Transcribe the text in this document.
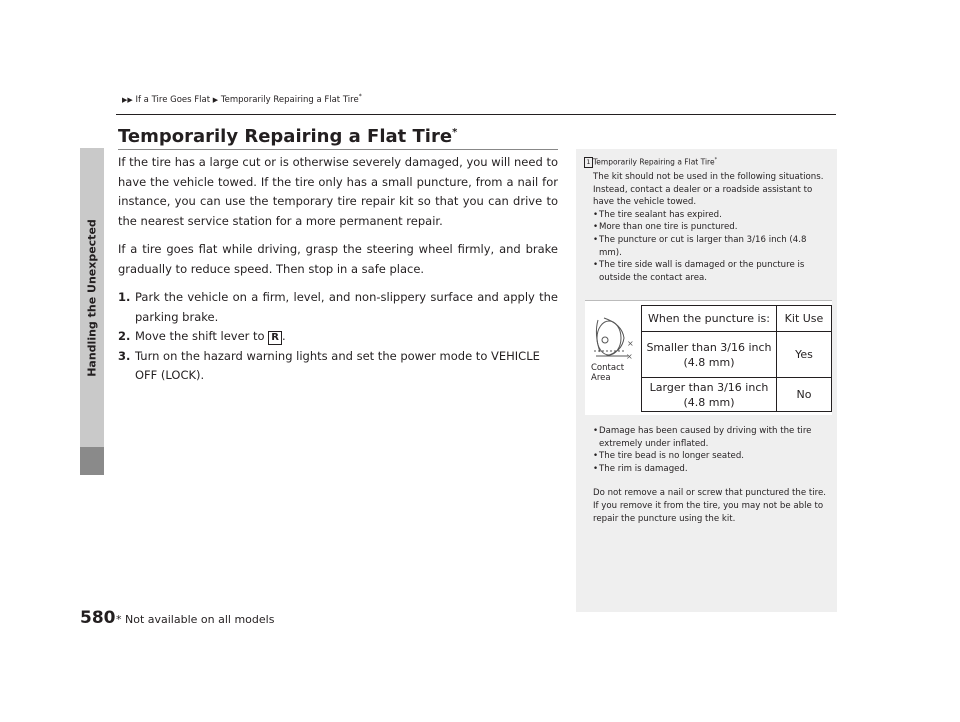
▶▶ If a Tire Goes Flat ▶ Temporarily Repairing a Flat Tire*
Handling the Unexpected
Temporarily Repairing a Flat Tire*

If the tire has a large cut or is otherwise severely damaged, you will need to have the vehicle towed. If the tire only has a small puncture, from a nail for instance, you can use the temporary tire repair kit so that you can drive to the nearest service station for a more permanent repair.

If a tire goes flat while driving, grasp the steering wheel firmly, and brake gradually to reduce speed. Then stop in a safe place.

1. Park the vehicle on a firm, level, and non-slippery surface and apply the parking brake.
2. Move the shift lever to R .
3. Turn on the hazard warning lights and set the power mode to VEHICLE OFF (LOCK).
1 Temporarily Repairing a Flat Tire*

The kit should not be used in the following situations. Instead, contact a dealer or a roadside assistant to have the vehicle towed.

• The tire sealant has expired.
• More than one tire is punctured.
• The puncture or cut is larger than 3/16 inch (4.8 mm).
• The tire side wall is damaged or the puncture is outside the contact area.
×
×
Contact
Area
When the puncture is:	Kit Use

Smaller than 3/16 inch
(4.8 mm)	Yes

Larger than 3/16 inch
(4.8 mm)	No
• Damage has been caused by driving with the tire extremely under inflated.
• The tire bead is no longer seated.
• The rim is damaged.

Do not remove a nail or screw that punctured the tire. If you remove it from the tire, you may not be able to repair the puncture using the kit.

580 * Not available on all models
